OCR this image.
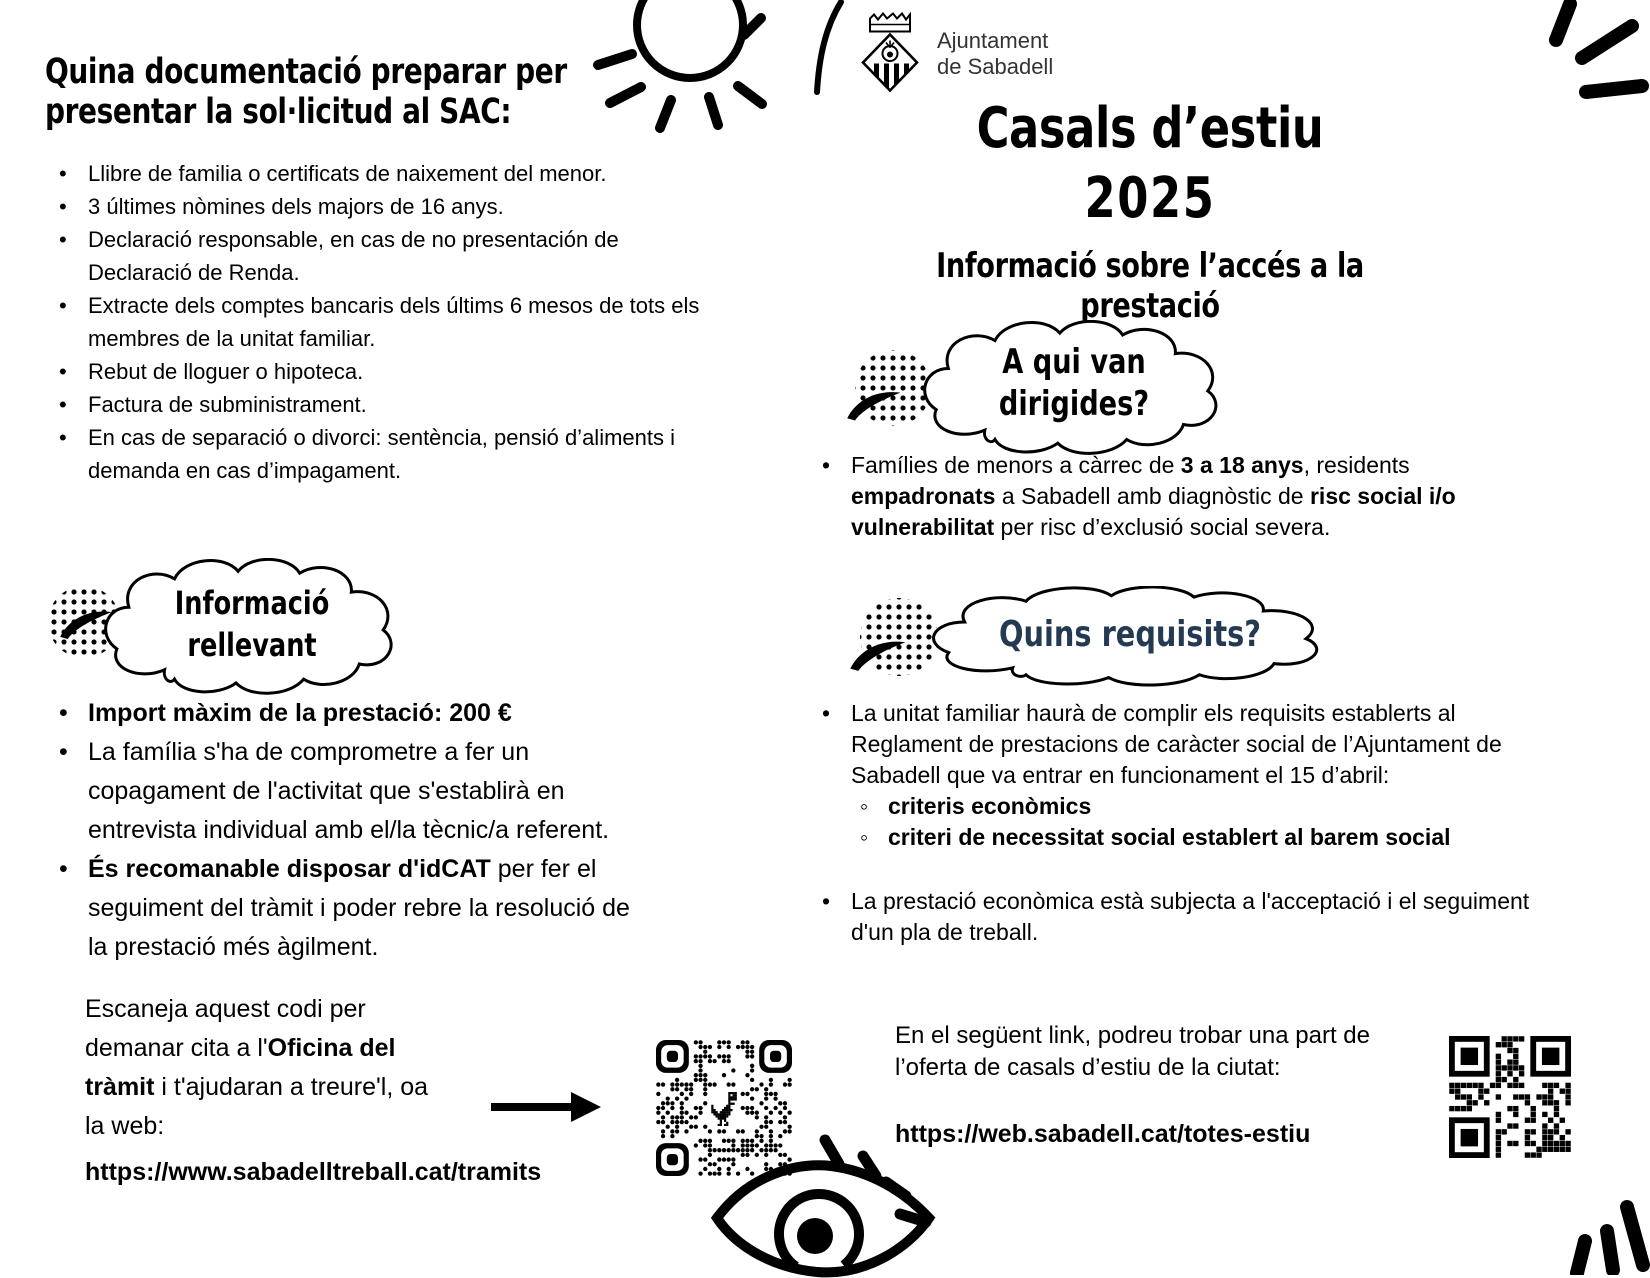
Quina documentació preparar per presentar la sol·licitud al SAC:
• Llibre de familia o certificats de naixement del menor.
• 3 últimes nòmines dels majors de 16 anys.
• Declaració responsable, en cas de no presentación de Declaració de Renda.
• Extracte dels comptes bancaris dels últims 6 mesos de tots els membres de la unitat familiar.
• Rebut de lloguer o hipoteca.
• Factura de subministrament.
• En cas de separació o divorci: sentència, pensió d’aliments i demanda en cas d’impagament.
Informació
rellevant
• Import màxim de la prestació: 200 €
• La família s'ha de comprometre a fer un copagament de l'activitat que s'establirà en entrevista individual amb el/la tècnic/a referent.
• És recomanable disposar d'idCAT per fer el seguiment del tràmit i poder rebre la resolució de la prestació més àgilment.
Escaneja aquest codi per demanar cita a l'Oficina del tràmit i t'ajudaran a treure'l, oa la web:
https://www.sabadelltreball.cat/tramits
Ajuntament
de Sabadell
Casals d’estiu
2025
Informació sobre l’accés a la prestació
A qui van
dirigides?
• Famílies de menors a càrrec de 3 a 18 anys, residents empadronats a Sabadell amb diagnòstic de risc social i/o vulnerabilitat per risc d’exclusió social severa.
Quins requisits?
• La unitat familiar haurà de complir els requisits establerts al Reglament de prestacions de caràcter social de l’Ajuntament de Sabadell que va entrar en funcionament el 15 d’abril:
◦ criteris econòmics
◦ criteri de necessitat social establert al barem social
• La prestació econòmica està subjecta a l'acceptació i el seguiment d'un pla de treball.
En el següent link, podreu trobar una part de l’oferta de casals d’estiu de la ciutat:
https://web.sabadell.cat/totes-estiu
